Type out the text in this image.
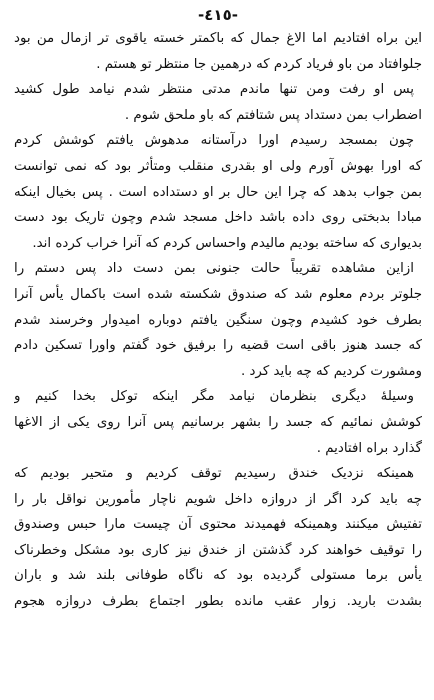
-٤١٥-
این براه افتادیم اما الاغ جمال که باکمتر خسته یاقوی تر ازمال من بود
جلوافتاد من باو فریاد کردم که درهمین جا منتظر تو هستم .
پس او رفت ومن تنها ماندم مدتی منتظر شدم نیامد طول کشید
اضطراب بمن دستداد پس شتافتم که باو ملحق شوم .
چون بمسجد رسیدم اورا درآستانه مدهوش یافتم کوشش کردم
که اورا بهوش آورم ولی او بقدری منقلب ومتأثر بود که نمی توانست
بمن جواب بدهد که چرا این حال بر او دستداده است . پس بخیال اینکه
مبادا بدبختی روی داده باشد داخل مسجد شدم وچون تاریک بود دست
بدیواری که ساخته بودیم مالیدم واحساس کردم که آنرا خراب کرده اند.
ازاین مشاهده تقریباً حالت جنونی بمن دست داد پس دستم را
جلوتر بردم معلوم شد که صندوق شکسته شده است باکمال یأس آنرا
بطرف خود کشیدم وچون سنگین یافتم دوباره امیدوار وخرسند شدم
که جسد هنوز باقی است قضیه را برفیق خود گفتم واورا تسکین دادم
ومشورت کردیم که چه باید کرد .
وسیلهٔ دیگری بنظرمان نیامد مگر اینکه توکل بخدا کنیم و
کوشش نمائیم که جسد را بشهر برسانیم پس آنرا روی یکی از الاغها
گذارد براه افتادیم .
همینکه نزدیک خندق رسیدیم توقف کردیم و متحیر بودیم که
چه باید کرد اگر از دروازه داخل شویم ناچار مأمورین نواقل بار را
تفتیش میکنند وهمینکه فهمیدند محتوی آن چیست مارا حبس وصندوق
را توقیف خواهند کرد گذشتن از خندق نیز کاری بود مشکل وخطرناک
یأس برما مستولی گردیده بود که ناگاه طوفانی بلند شد و باران
بشدت بارید. زوار عقب مانده بطور اجتماع بطرف دروازه هجوم
